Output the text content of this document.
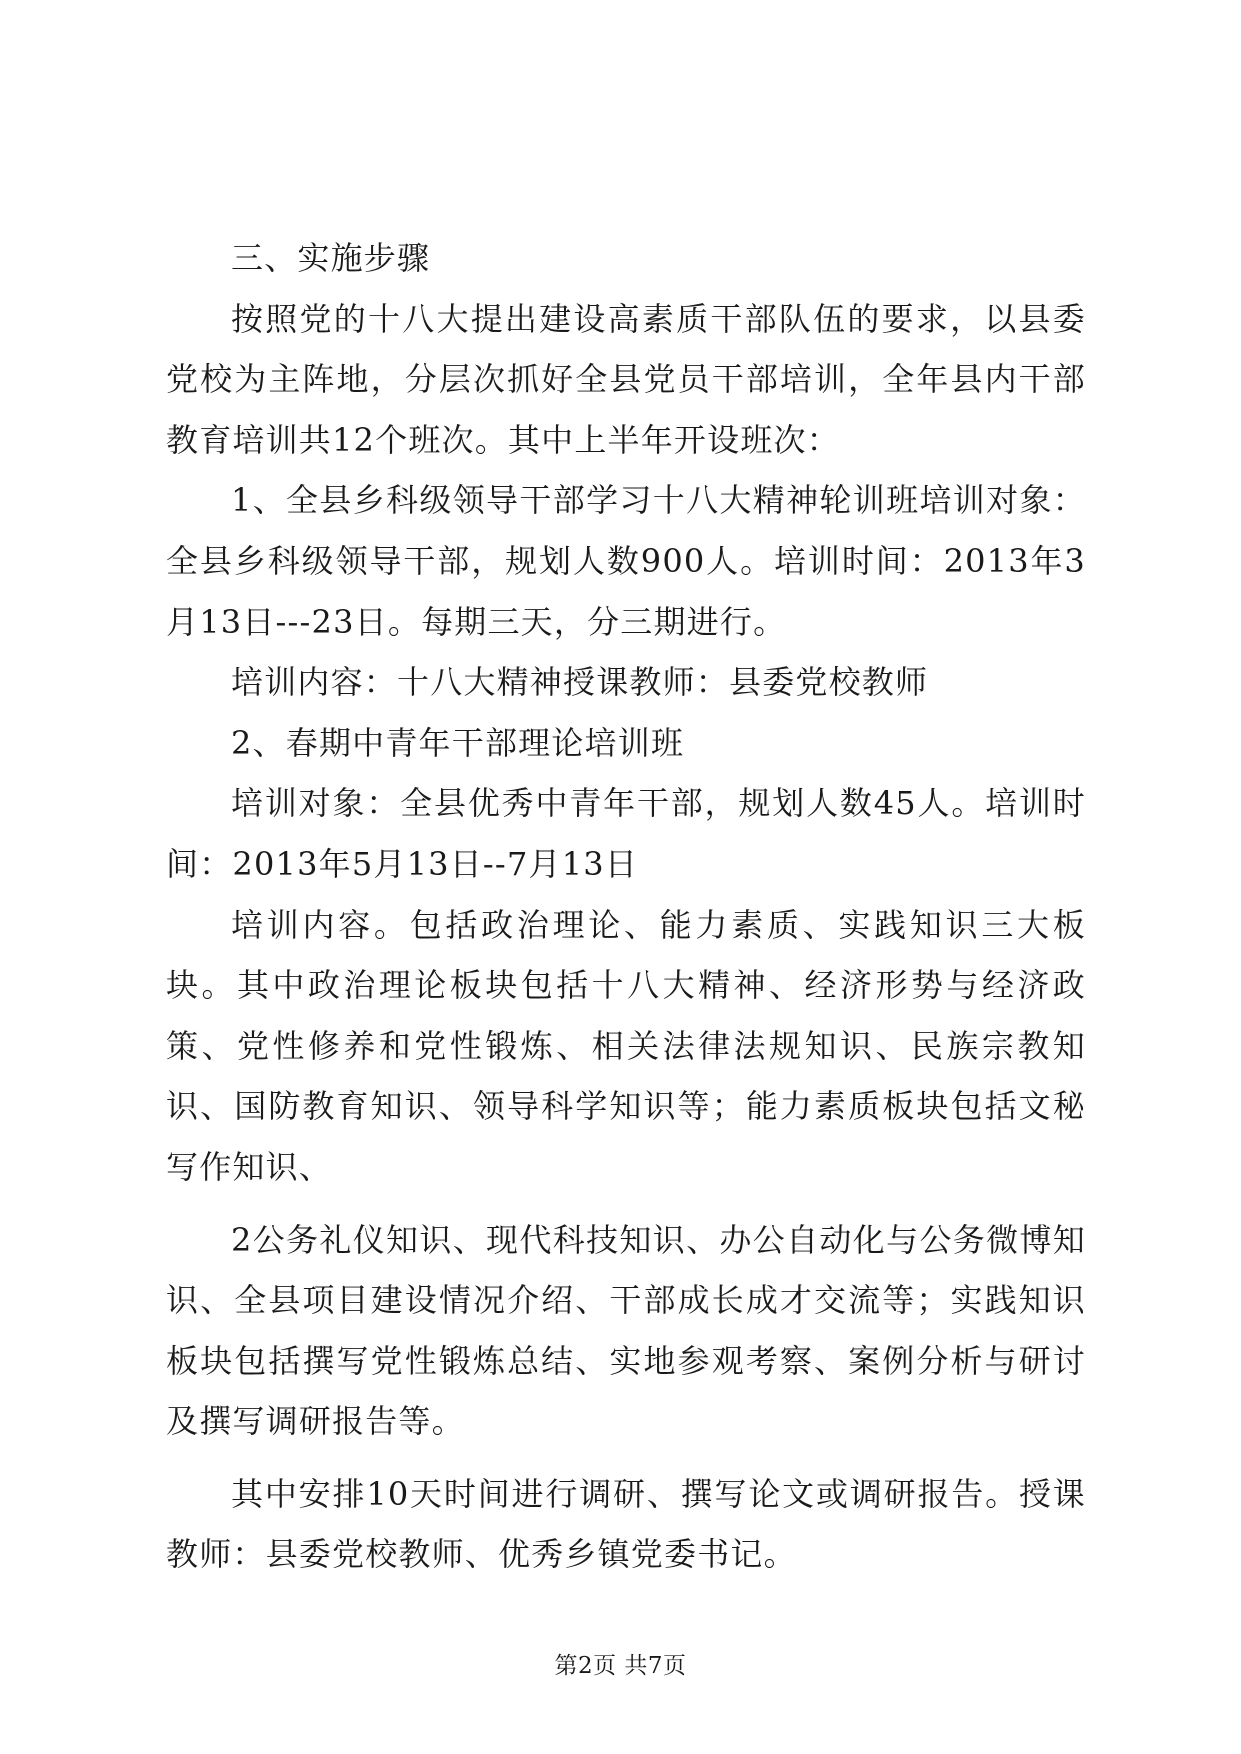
三、实施步骤

按照党的十八大提出建设高素质干部队伍的要求，以县委党校为主阵地，分层次抓好全县党员干部培训，全年县内干部教育培训共12个班次。其中上半年开设班次：

1、全县乡科级领导干部学习十八大精神轮训班培训对象：全县乡科级领导干部，规划人数900人。培训时间：2013年3月13日---23日。每期三天，分三期进行。

培训内容：十八大精神授课教师：县委党校教师

2、春期中青年干部理论培训班

培训对象：全县优秀中青年干部，规划人数45人。培训时间：2013年5月13日--7月13日

培训内容。包括政治理论、能力素质、实践知识三大板块。其中政治理论板块包括十八大精神、经济形势与经济政策、党性修养和党性锻炼、相关法律法规知识、民族宗教知识、国防教育知识、领导科学知识等；能力素质板块包括文秘写作知识、

2公务礼仪知识、现代科技知识、办公自动化与公务微博知识、全县项目建设情况介绍、干部成长成才交流等；实践知识板块包括撰写党性锻炼总结、实地参观考察、案例分析与研讨及撰写调研报告等。

其中安排10天时间进行调研、撰写论文或调研报告。授课教师：县委党校教师、优秀乡镇党委书记。

第2页 共7页
